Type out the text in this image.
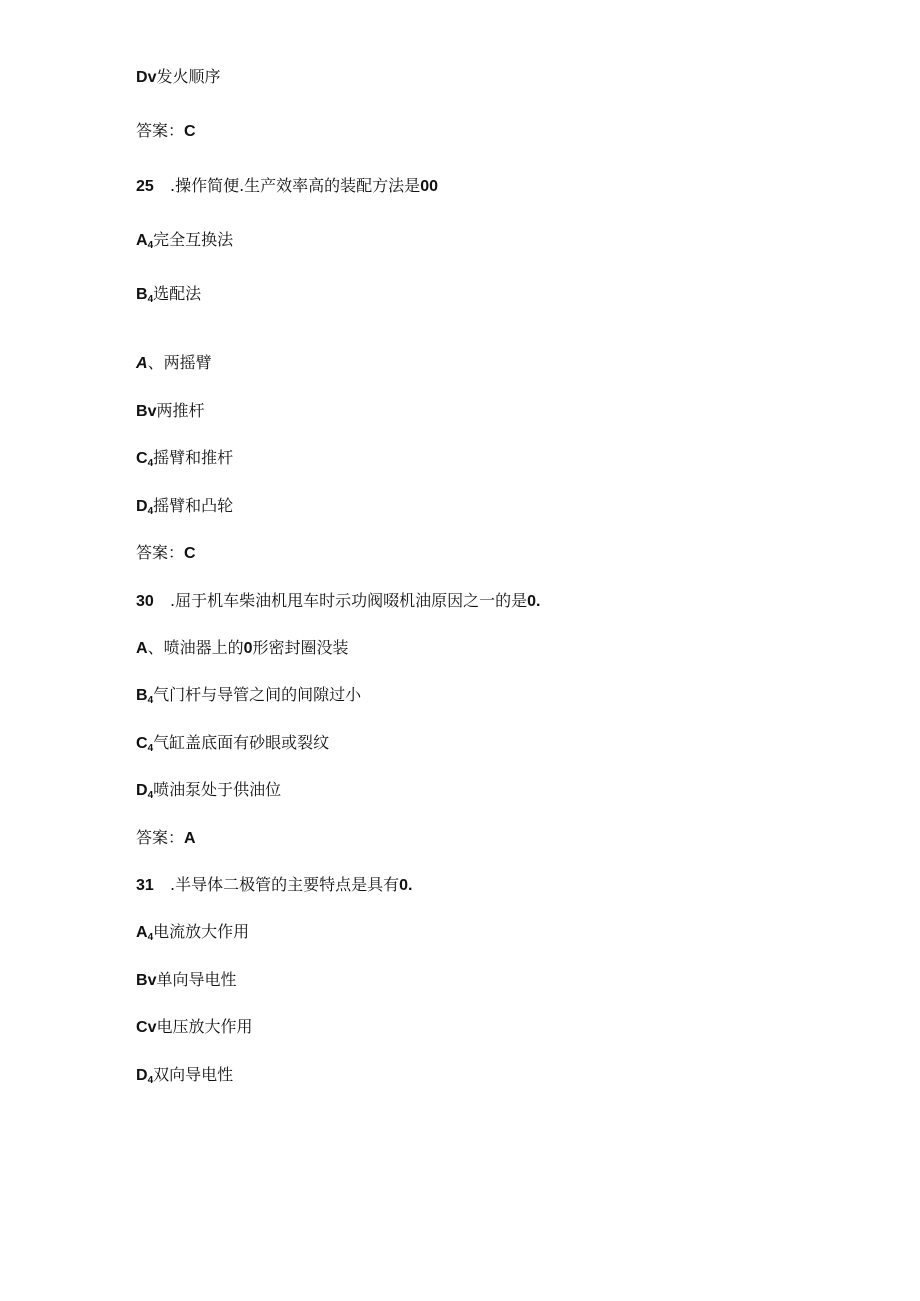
Dv发火顺序
答案：C
25 .操作简便.生产效率高的装配方法是00
$A_4$完全互换法
$B_4$选配法
A、两摇臂
Bv两推杆
$C_4$摇臂和推杆
$D_4$摇臂和凸轮
答案：C
30 .屈于机车柴油机甩车时示功阀啜机油原因之一的是0.
A、喷油器上的0形密封圈没装
$B_4$气门杆与导管之间的间隙过小
$C_4$气缸盖底面有砂眼或裂纹
$D_4$喷油泵处于供油位
答案：A
31 .半导体二极管的主要特点是具有0.
$A_4$电流放大作用
Bv单向导电性
Cv电压放大作用
$D_4$双向导电性
